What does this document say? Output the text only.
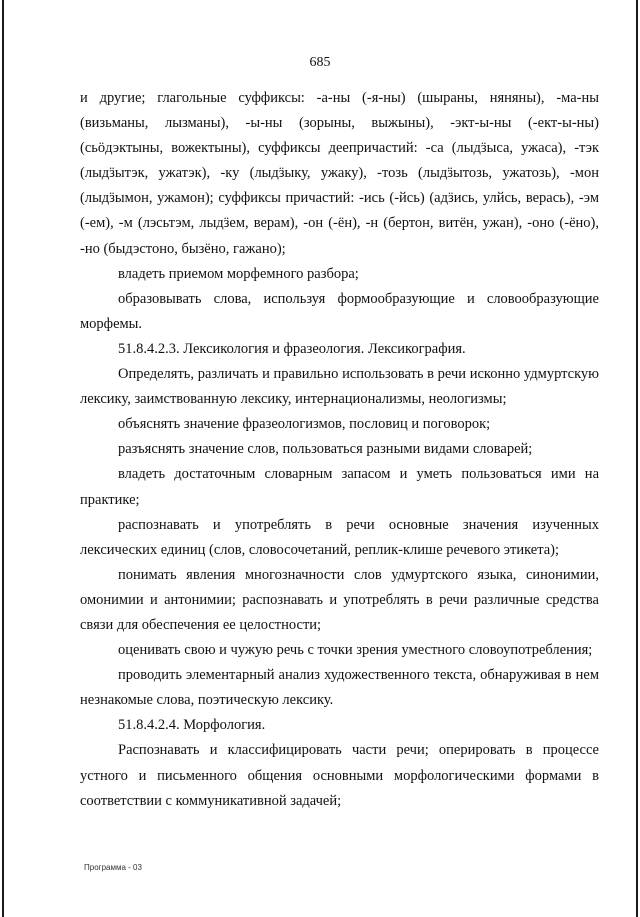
685

и другие; глагольные суффиксы: -а-ны (-я-ны) (шыраны, няняны), -ма-ны (визьманы, лызманы), -ы-ны (зорыны, выжыны), -экт-ы-ны (-ект-ы-ны) (сьӧдэктыны, вожектыны), суффиксы деепричастий: -са (лыдӟыса, ужаса), -тэк (лыдӟытэк, ужатэк), -ку (лыдӟыку, ужаку), -тозь (лыдӟытозь, ужатозь), -мон (лыдӟымон, ужамон); суффиксы причастий: -ись (-йсь) (адӟись, улйсь, верась), -эм (-ем), -м (лэсьтэм, лыдӟем, верам), -он (-ён), -н (бертон, витён, ужан), -оно (-ёно), -но (быдэстоно, бызёно, гажано);

владеть приемом морфемного разбора;

образовывать слова, используя формообразующие и словообразующие морфемы.

51.8.4.2.3. Лексикология и фразеология. Лексикография.

Определять, различать и правильно использовать в речи исконно удмуртскую лексику, заимствованную лексику, интернационализмы, неологизмы;

объяснять значение фразеологизмов, пословиц и поговорок;

разъяснять значение слов, пользоваться разными видами словарей;

владеть достаточным словарным запасом и уметь пользоваться ими на практике;

распознавать и употреблять в речи основные значения изученных лексических единиц (слов, словосочетаний, реплик-клише речевого этикета);

понимать явления многозначности слов удмуртского языка, синонимии, омонимии и антонимии; распознавать и употреблять в речи различные средства связи для обеспечения ее целостности;

оценивать свою и чужую речь с точки зрения уместного словоупотребления;

проводить элементарный анализ художественного текста, обнаруживая в нем незнакомые слова, поэтическую лексику.

51.8.4.2.4. Морфология.

Распознавать и классифицировать части речи; оперировать в процессе устного и письменного общения основными морфологическими формами в соответствии с коммуникативной задачей;

Программа - 03
